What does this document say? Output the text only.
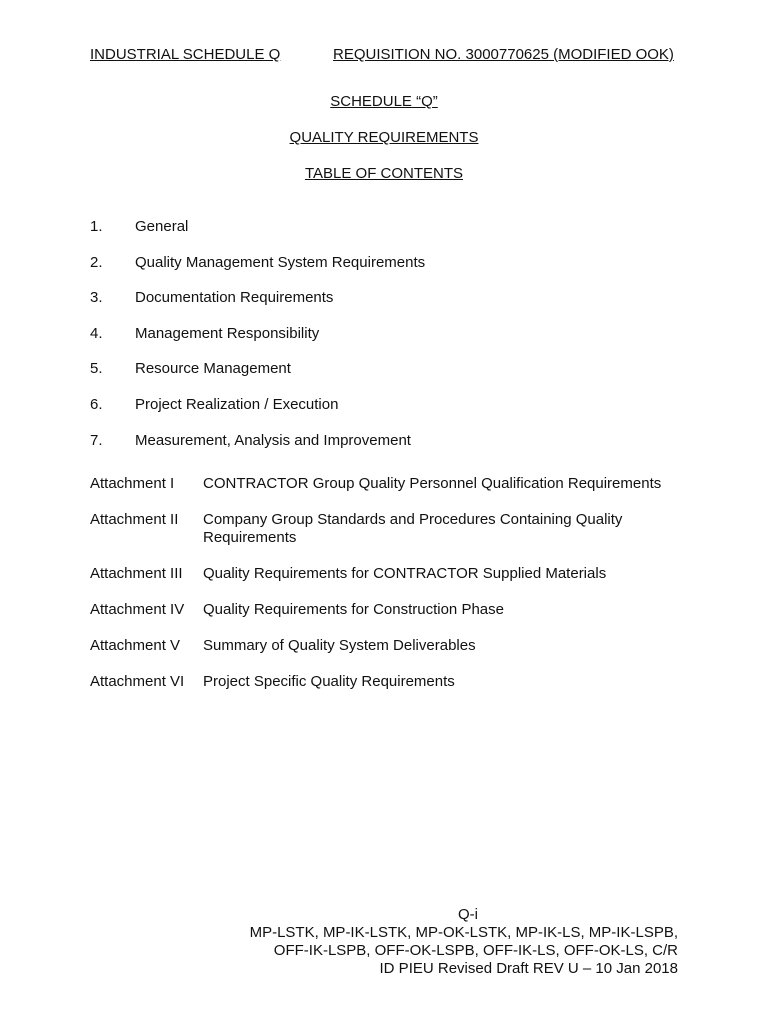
INDUSTRIAL SCHEDULE Q	REQUISITION NO. 3000770625 (MODIFIED OOK)
SCHEDULE “Q”
QUALITY REQUIREMENTS
TABLE OF CONTENTS
1. General
2. Quality Management System Requirements
3. Documentation Requirements
4. Management Responsibility
5. Resource Management
6. Project Realization / Execution
7. Measurement, Analysis and Improvement
Attachment I CONTRACTOR Group Quality Personnel Qualification Requirements
Attachment II Company Group Standards and Procedures Containing Quality Requirements
Attachment III Quality Requirements for CONTRACTOR Supplied Materials
Attachment IV Quality Requirements for Construction Phase
Attachment V Summary of Quality System Deliverables
Attachment VI Project Specific Quality Requirements
Q-i
MP-LSTK, MP-IK-LSTK, MP-OK-LSTK, MP-IK-LS, MP-IK-LSPB,
OFF-IK-LSPB, OFF-OK-LSPB, OFF-IK-LS, OFF-OK-LS, C/R
ID PIEU Revised Draft REV U – 10 Jan 2018
